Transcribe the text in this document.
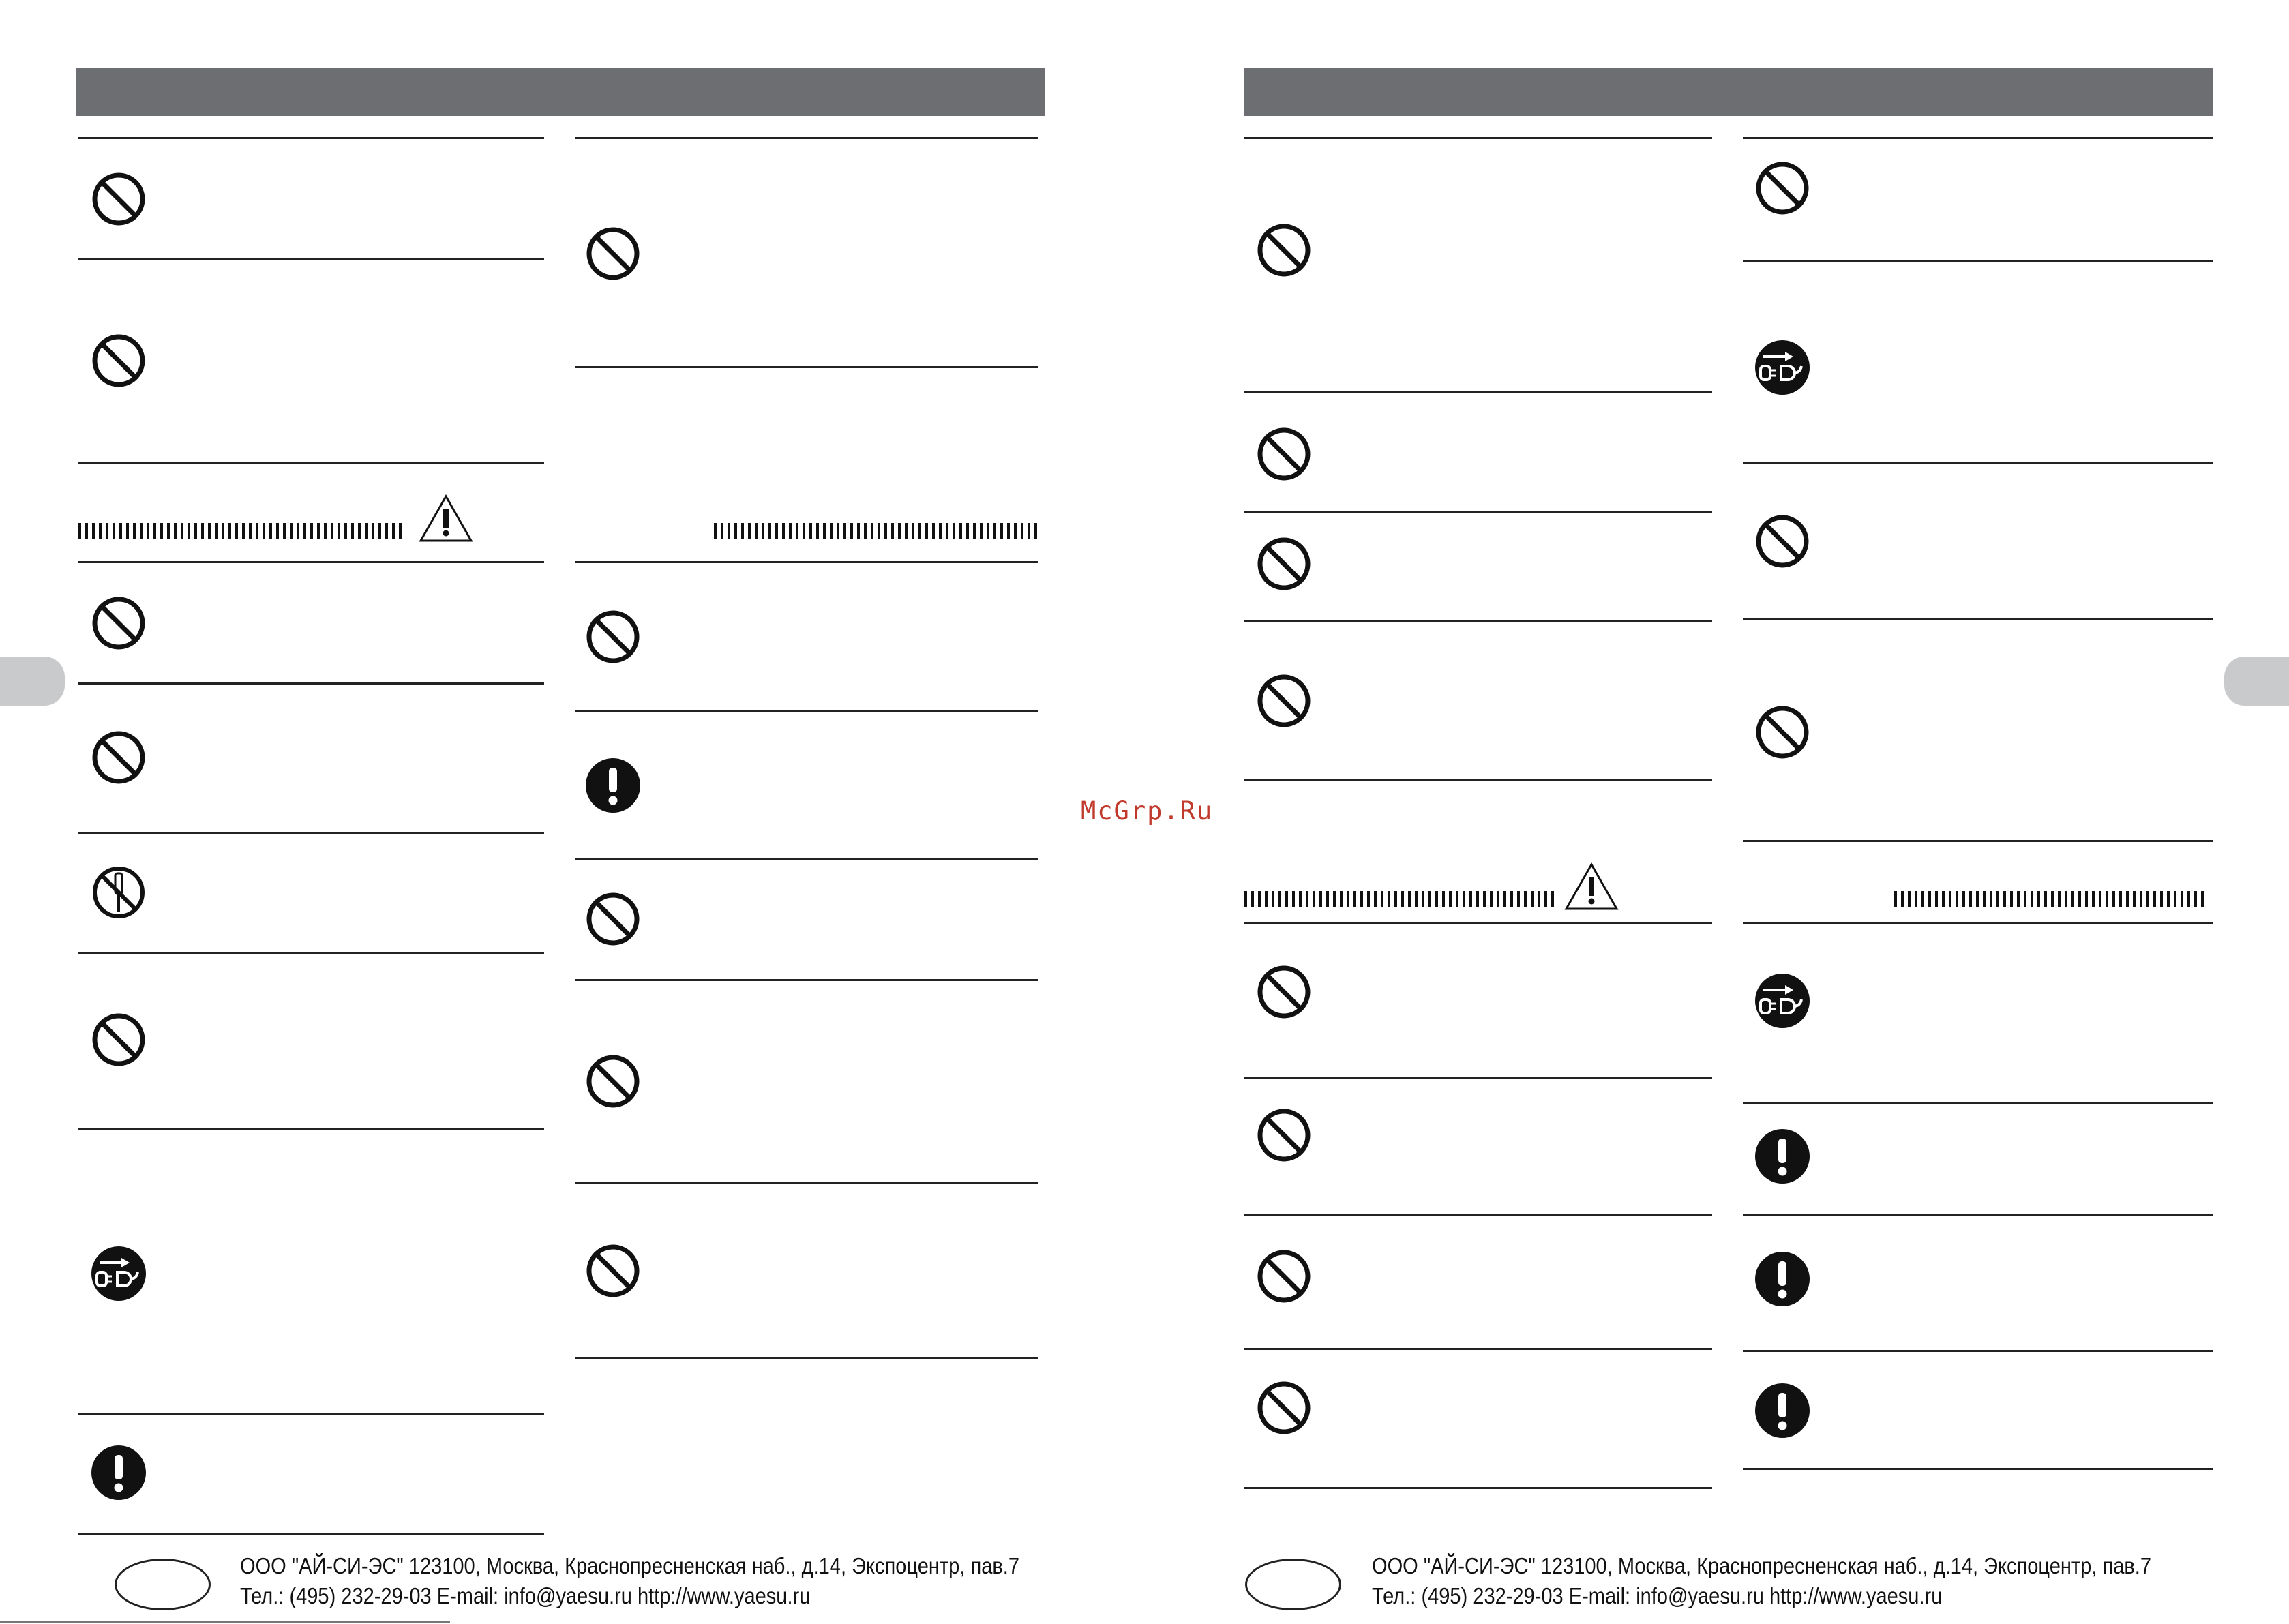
ООО "АЙ-СИ-ЭС" 123100, Москва, Краснопресненская наб., д.14, Экспоцентр, пав.7
Тел.: (495) 232-29-03 E-mail: info@yaesu.ru http://www.yaesu.ru
McGrp.Ru
ООО "АЙ-СИ-ЭС" 123100, Москва, Краснопресненская наб., д.14, Экспоцентр, пав.7
Тел.: (495) 232-29-03 E-mail: info@yaesu.ru http://www.yaesu.ru
